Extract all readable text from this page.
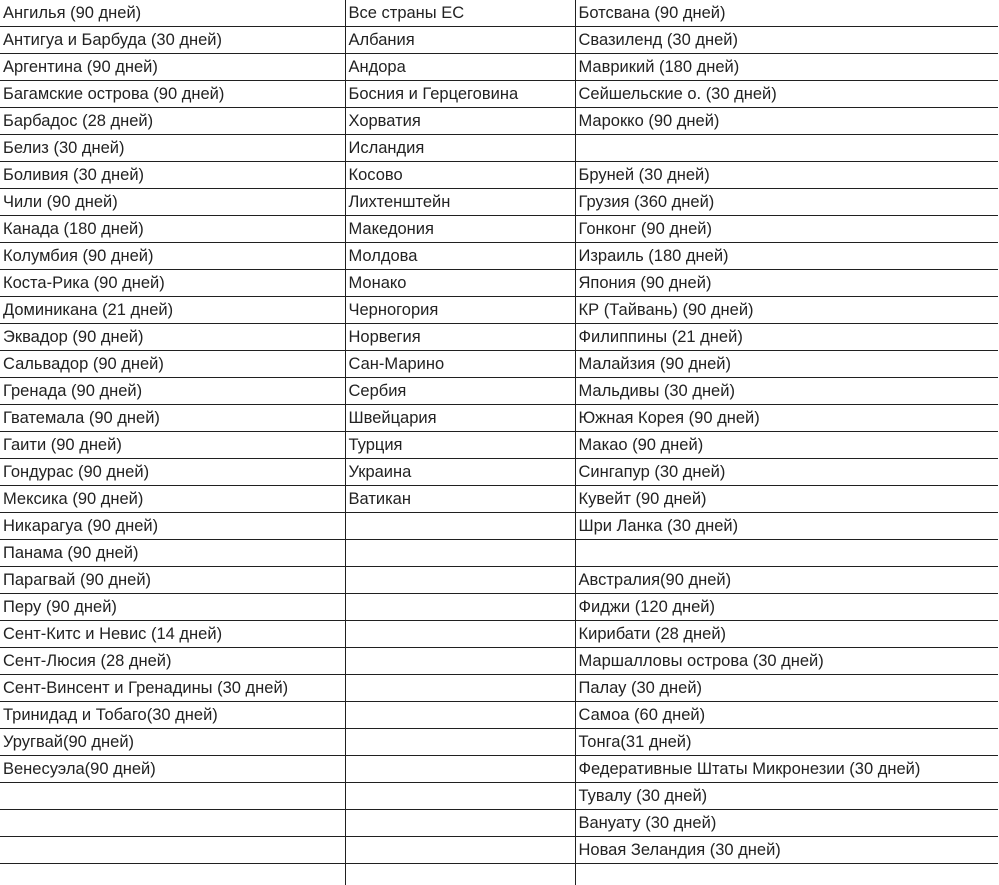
Ангилья (90 дней)	Все страны ЕС	Ботсвана (90 дней)
Антигуа и Барбуда (30 дней)	Албания	Свазиленд (30 дней)
Аргентина (90 дней)	Андора	Маврикий (180 дней)
Багамские острова (90 дней)	Босния и Герцеговина	Сейшельские о. (30 дней)
Барбадос (28 дней)	Хорватия	Марокко (90 дней)
Белиз (30 дней)	Исландия	
Боливия (30 дней)	Косово	Бруней (30 дней)
Чили (90 дней)	Лихтенштейн	Грузия (360 дней)
Канада (180 дней)	Македония	Гонконг (90 дней)
Колумбия (90 дней)	Молдова	Израиль (180 дней)
Коста-Рика (90 дней)	Монако	Япония (90 дней)
Доминикана (21 дней)	Черногория	КР (Тайвань) (90 дней)
Эквадор (90 дней)	Норвегия	Филиппины (21 дней)
Сальвадор (90 дней)	Сан-Марино	Малайзия (90 дней)
Гренада (90 дней)	Сербия	Мальдивы (30 дней)
Гватемала (90 дней)	Швейцария	Южная Корея (90 дней)
Гаити (90 дней)	Турция	Макао (90 дней)
Гондурас (90 дней)	Украина	Сингапур (30 дней)
Мексика (90 дней)	Ватикан	Кувейт (90 дней)
Никарагуа (90 дней)		Шри Ланка (30 дней)
Панама (90 дней)		
Парагвай (90 дней)		Австралия(90 дней)
Перу (90 дней)		Фиджи (120 дней)
Сент-Китс и Невис (14 дней)		Кирибати (28 дней)
Сент-Люсия (28 дней)		Маршалловы острова (30 дней)
Сент-Винсент и Гренадины (30 дней)		Палау (30 дней)
Тринидад и Тобаго(30 дней)		Самоа (60 дней)
Уругвай(90 дней)		Тонга(31 дней)
Венесуэла(90 дней)		Федеративные Штаты Микронезии (30 дней)
		Тувалу (30 дней)
		Вануату (30 дней)
		Новая Зеландия (30 дней)
